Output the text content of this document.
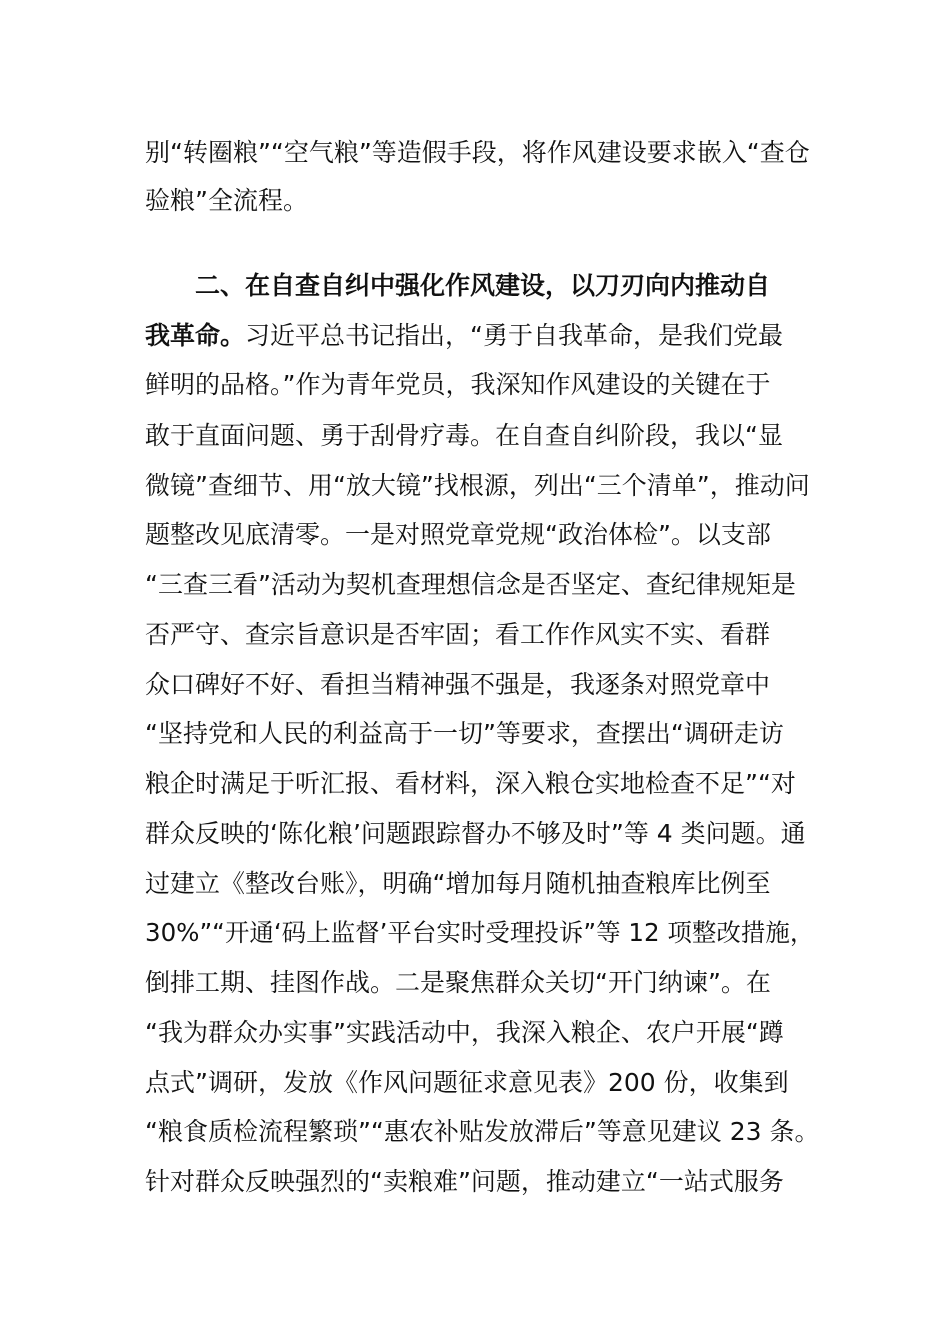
别“转圈粮”“空气粮”等造假手段，将作风建设要求嵌入“查仓
验粮”全流程。
二、在自查自纠中强化作风建设，以刀刃向内推动自
我革命。习近平总书记指出，“勇于自我革命，是我们党最
鲜明的品格。”作为青年党员，我深知作风建设的关键在于
敢于直面问题、勇于刮骨疗毒。在自查自纠阶段，我以“显
微镜”查细节、用“放大镜”找根源，列出“三个清单”，推动问
题整改见底清零。一是对照党章党规“政治体检”。以支部
“三查三看”活动为契机查理想信念是否坚定、查纪律规矩是
否严守、查宗旨意识是否牢固；看工作作风实不实、看群
众口碑好不好、看担当精神强不强是，我逐条对照党章中
“坚持党和人民的利益高于一切”等要求，查摆出“调研走访
粮企时满足于听汇报、看材料，深入粮仓实地检查不足”“对
群众反映的‘陈化粮’问题跟踪督办不够及时”等 4 类问题。通
过建立《整改台账》，明确“增加每月随机抽查粮库比例至
30%”“开通‘码上监督’平台实时受理投诉”等 12 项整改措施，
倒排工期、挂图作战。二是聚焦群众关切“开门纳谏”。在
“我为群众办实事”实践活动中，我深入粮企、农户开展“蹲
点式”调研，发放《作风问题征求意见表》200 份，收集到
“粮食质检流程繁琐”“惠农补贴发放滞后”等意见建议 23 条。
针对群众反映强烈的“卖粮难”问题，推动建立“一站式服务
